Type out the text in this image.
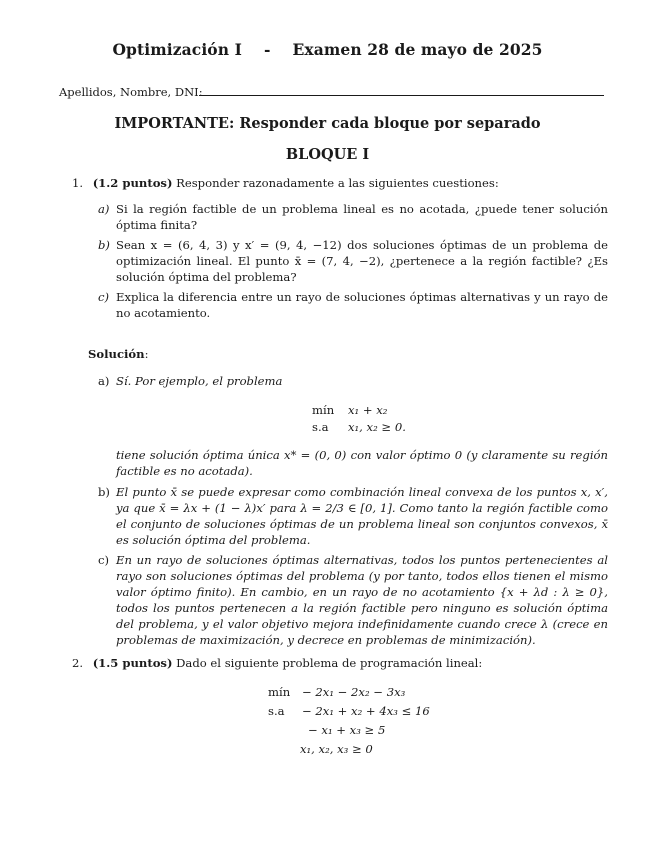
Optimización I - Examen 28 de mayo de 2025
Apellidos, Nombre, DNI:
IMPORTANTE: Responder cada bloque por separado
BLOQUE I
1. (1.2 puntos) Responder razonadamente a las siguientes cuestiones:
a) Si la región factible de un problema lineal es no acotada, ¿puede tener solución óptima finita?
b) Sean x = (6, 4, 3) y x′ = (9, 4, −12) dos soluciones óptimas de un problema de optimización lineal. El punto x̄ = (7, 4, −2), ¿pertenece a la región factible? ¿Es solución óptima del problema?
c) Explica la diferencia entre un rayo de soluciones óptimas alternativas y un rayo de no acotamiento.
Solución:
a) Sí. Por ejemplo, el problema
mín x₁ + x₂
s.a x₁, x₂ ≥ 0.
tiene solución óptima única x* = (0, 0) con valor óptimo 0 (y claramente su región factible es no acotada).
b) El punto x̄ se puede expresar como combinación lineal convexa de los puntos x, x′, ya que x̄ = λx + (1 − λ)x′ para λ = 2/3 ∈ [0, 1]. Como tanto la región factible como el conjunto de soluciones óptimas de un problema lineal son conjuntos convexos, x̄ es solución óptima del problema.
c) En un rayo de soluciones óptimas alternativas, todos los puntos pertenecientes al rayo son soluciones óptimas del problema (y por tanto, todos ellos tienen el mismo valor óptimo finito). En cambio, en un rayo de no acotamiento {x + λd : λ ≥ 0}, todos los puntos pertenecen a la región factible pero ninguno es solución óptima del problema, y el valor objetivo mejora indefinidamente cuando crece λ (crece en problemas de maximización, y decrece en problemas de minimización).
2. (1.5 puntos) Dado el siguiente problema de programación lineal:
mín − 2x₁ − 2x₂ − 3x₃
s.a − 2x₁ + x₂ + 4x₃ ≤ 16
− x₁ + x₃ ≥ 5
x₁, x₂, x₃ ≥ 0
